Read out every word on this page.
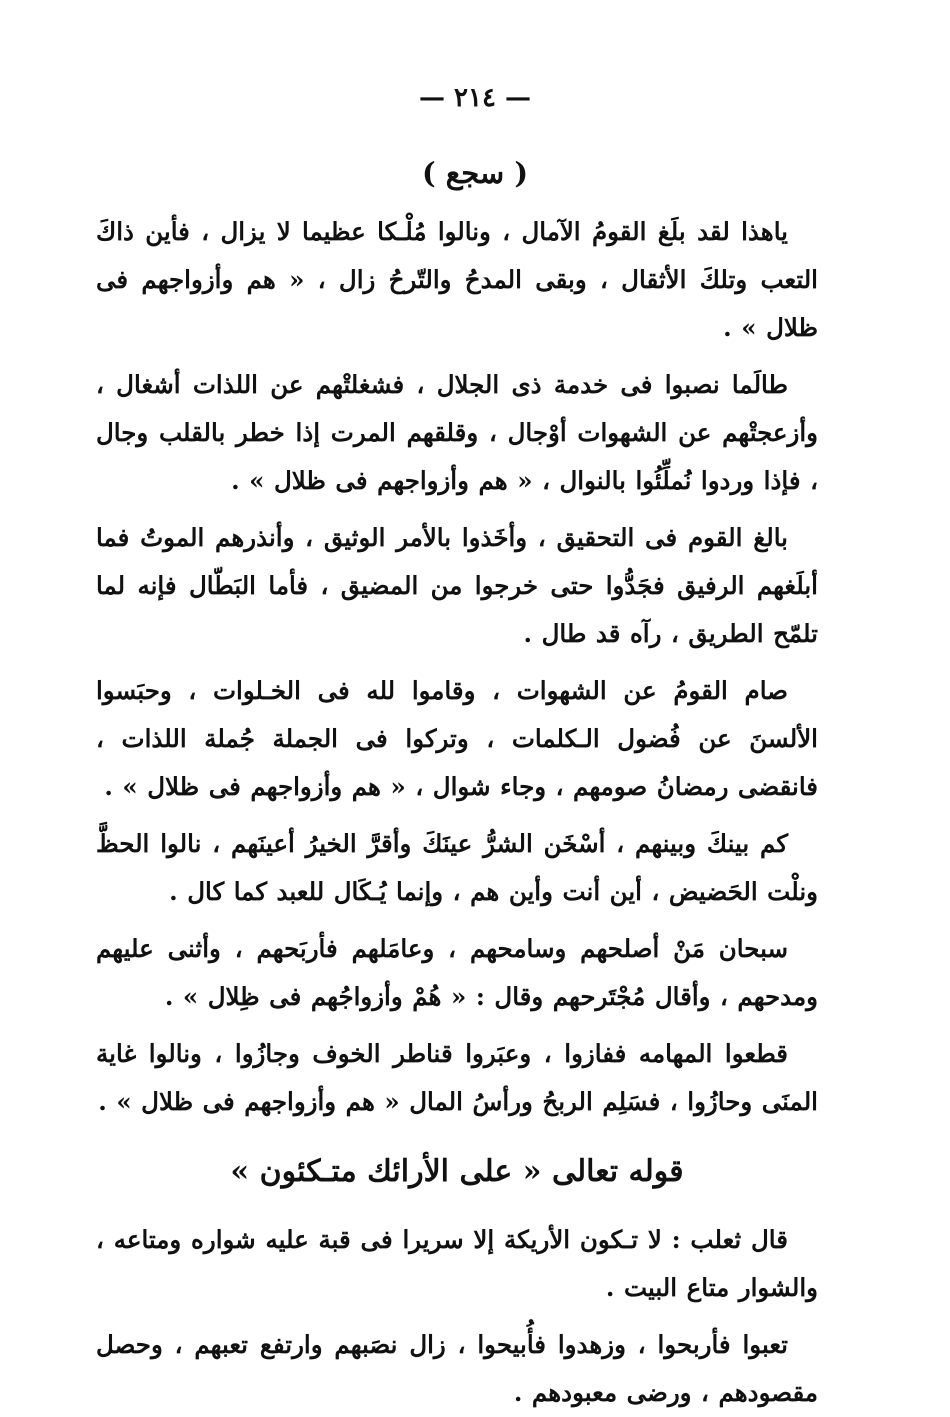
— ٢١٤ —
( سجع )

ياهذا لقد بلَغ القومُ الآمال ، ونالوا مُلْـكا عظيما لا يزال ، فأين ذاكَ التعب وتلكَ الأثقال ، وبقى المدحُ والتّرحُ زال ، « هم وأزواجهم فى ظلال » .

طالَما نصبوا فى خدمة ذى الجلال ، فشغلتْهم عن اللذات أشغال ، وأزعجتْهم عن الشهوات أوْجال ، وقلقهم المرت إذا خطر بالقلب وجال ، فإذا وردوا نُملِّئُوا بالنوال ، « هم وأزواجهم فى ظلال » .

بالغ القوم فى التحقيق ، وأخَذوا بالأمر الوثيق ، وأنذرهم الموتُ فما أبلَغهم الرفيق فجَدُّوا حتى خرجوا من المضيق ، فأما البَطّال فإنه لما تلمّح الطريق ، رآه قد طال .

صام القومُ عن الشهوات ، وقاموا لله فى الخـلوات ، وحبَسوا الألسنَ عن فُضول الـكلمات ، وتركوا فى الجملة جُملة اللذات ، فانقضى رمضانُ صومهم ، وجاء شوال ، « هم وأزواجهم فى ظلال » .

كم بينكَ وبينهم ، أسْخَن الشرُّ عينَكَ وأقرَّ الخيرُ أعينَهم ، نالوا الحظَّ ونلْت الحَضيض ، أين أنت وأين هم ، وإنما يُـكَال للعبد كما كال .

سبحان مَنْ أصلحهم وسامحهم ، وعامَلهم فأربَحهم ، وأثنى عليهم ومدحهم ، وأقال مُجْتَرحهم وقال : « هُمْ وأزواجُهم فى ظِلال » .

قطعوا المهامه ففازوا ، وعبَروا قناطر الخوف وجازُوا ، ونالوا غاية المنَى وحازُوا ، فسَلِم الربحُ ورأسُ المال « هم وأزواجهم فى ظلال » .

قوله تعالى « على الأرائك متـكئون »

قال ثعلب : لا تـكون الأريكة إلا سريرا فى قبة عليه شواره ومتاعه ، والشوار متاع البيت .

تعبوا فأربحوا ، وزهدوا فأُبيحوا ، زال نصَبهم وارتفع تعبهم ، وحصل مقصودهم ، ورضى معبودهم .
